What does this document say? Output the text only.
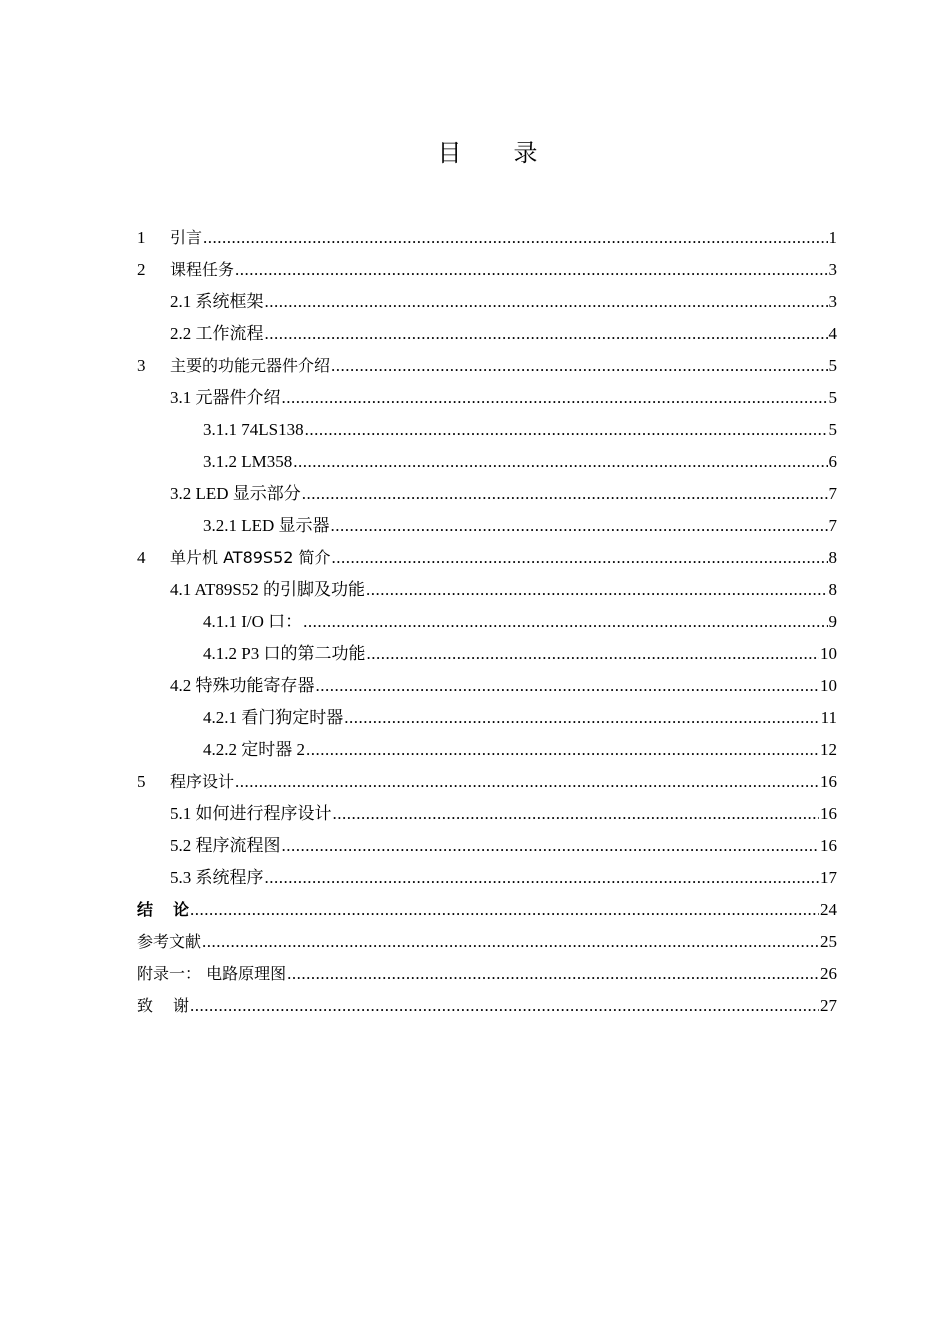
目 录
1	引言 .....	1
2	课程任务 .....	3
2.1 系统框架 .....	3
2.2 工作流程 .....	4
3	主要的功能元器件介绍 .....	5
3.1 元器件介绍 .....	5
3.1.1 74LS138 .....	5
3.1.2 LM358 .....	6
3.2 LED 显示部分 .....	7
3.2.1 LED 显示器 .....	7
4	单片机 AT89S52 简介 .....	8
4.1 AT89S52 的引脚及功能 .....	8
4.1.1 I/O 口： .....	9
4.1.2 P3 口的第二功能 .....	10
4.2 特殊功能寄存器 .....	10
4.2.1 看门狗定时器 .....	11
4.2.2 定时器 2 .....	12
5	程序设计 .....	16
5.1 如何进行程序设计 .....	16
5.2 程序流程图 .....	16
5.3 系统程序 .....	17
结 论 .....	24
参考文献 .....	25
附录一： 电路原理图 .....	26
致 谢 .....	27
